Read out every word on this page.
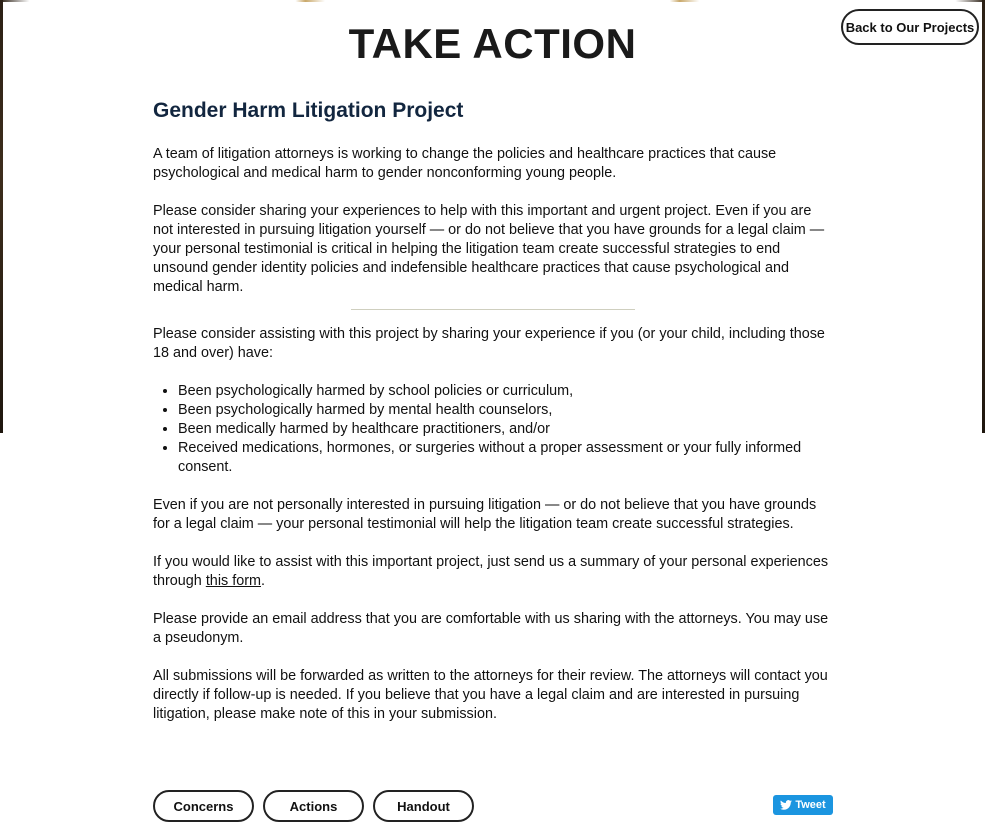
TAKE ACTION	Back to Our Projects
Gender Harm Litigation Project

A team of litigation attorneys is working to change the policies and healthcare practices that cause psychological and medical harm to gender nonconforming young people.

Please consider sharing your experiences to help with this important and urgent project. Even if you are not interested in pursuing litigation yourself — or do not believe that you have grounds for a legal claim — your personal testimonial is critical in helping the litigation team create successful strategies to end unsound gender identity policies and indefensible healthcare practices that cause psychological and medical harm.

Please consider assisting with this project by sharing your experience if you (or your child, including those 18 and over) have:

• Been psychologically harmed by school policies or curriculum,
• Been psychologically harmed by mental health counselors,
• Been medically harmed by healthcare practitioners, and/or
• Received medications, hormones, or surgeries without a proper assessment or your fully informed consent.

Even if you are not personally interested in pursuing litigation — or do not believe that you have grounds for a legal claim — your personal testimonial will help the litigation team create successful strategies.

If you would like to assist with this important project, just send us a summary of your personal experiences through this form.

Please provide an email address that you are comfortable with us sharing with the attorneys. You may use a pseudonym.

All submissions will be forwarded as written to the attorneys for their review. The attorneys will contact you directly if follow-up is needed. If you believe that you have a legal claim and are interested in pursuing litigation, please make note of this in your submission.

Concerns	Actions	Handout	Tweet
